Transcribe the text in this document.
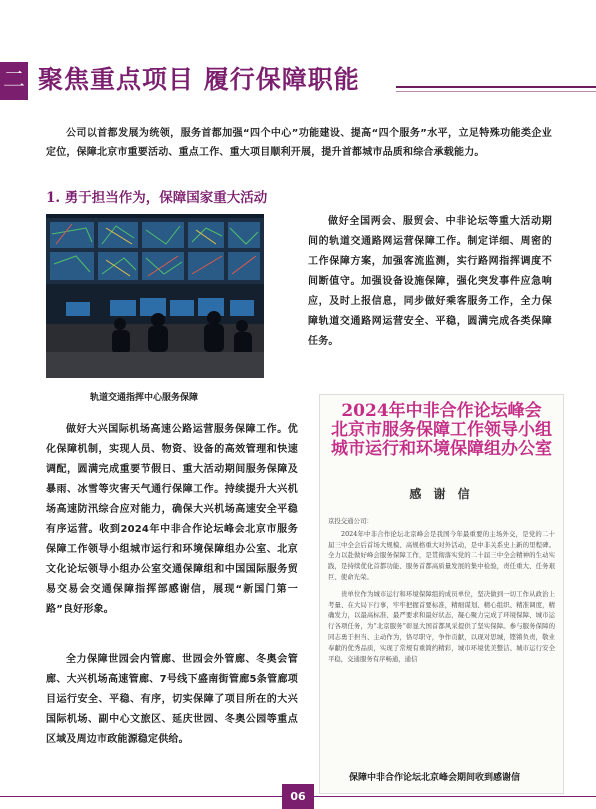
二 聚焦重点项目 履行保障职能
公司以首都发展为统领，服务首都加强“四个中心”功能建设、提高“四个服务”水平，立足特殊功能类企业定位，保障北京市重要活动、重点工作、重大项目顺利开展，提升首都城市品质和综合承载能力。
1. 勇于担当作为，保障国家重大活动
轨道交通指挥中心服务保障
做好全国两会、服贸会、中非论坛等重大活动期间的轨道交通路网运营保障工作。制定详细、周密的工作保障方案，加强客流监测，实行路网指挥调度不间断值守。加强设备设施保障，强化突发事件应急响应，及时上报信息，同步做好乘客服务工作，全力保障轨道交通路网运营安全、平稳，圆满完成各类保障任务。
做好大兴国际机场高速公路运营服务保障工作。优化保障机制，实现人员、物资、设备的高效管理和快速调配，圆满完成重要节假日、重大活动期间服务保障及暴雨、冰雪等灾害天气通行保障工作。持续提升大兴机场高速防汛综合应对能力，确保大兴机场高速安全平稳有序运营。收到2024年中非合作论坛峰会北京市服务保障工作领导小组城市运行和环境保障组办公室、北京文化论坛领导小组办公室交通保障组和中国国际服务贸易交易会交通保障指挥部感谢信，展现“新国门第一路”良好形象。
全力保障世园会内管廊、世园会外管廊、冬奥会管廊、大兴机场高速管廊、7号线下盛南街管廊5条管廊项目运行安全、平稳、有序，切实保障了项目所在的大兴国际机场、副中心文旅区、延庆世园、冬奥公园等重点区域及周边市政能源稳定供给。
2024年中非合作论坛峰会
北京市服务保障工作领导小组
城市运行和环境保障组办公室
感 谢 信
京投交通公司：
2024年中非合作论坛北京峰会是我国今年最重要的主场外交，是党的二十届三中全会后首场大规模、高规格重大对外活动，是中非关系史上新的里程碑。全力以赴做好峰会服务保障工作，是贯彻落实党的二十届三中全会精神的生动实践，是持续优化首都功能、服务首都高质量发展的集中检验，责任重大、任务艰巨、使命光荣。
贵单位作为城市运行和环境保障组的成员单位，坚决做到一切工作从政治上考量、在大局下行事，牢牢把握首要标准，精细谋划、精心组织、精准调度，精确发力，以最高标准、最严要求和最好状态，凝心聚力完成了环境保障、城市运行各项任务，为“北京服务”彰显大国首都风采提供了坚实保障。参与服务保障的同志勇于担当、主动作为，恪尽职守，争作贡献，以现对思城，铿锵负责，敬业奉献的优秀品质，实现了常规有重简约精彩，城市环境优美整洁、城市运行安全平稳，交通服务有序畅通，通信
保障中非合作论坛北京峰会期间收到感谢信
06
